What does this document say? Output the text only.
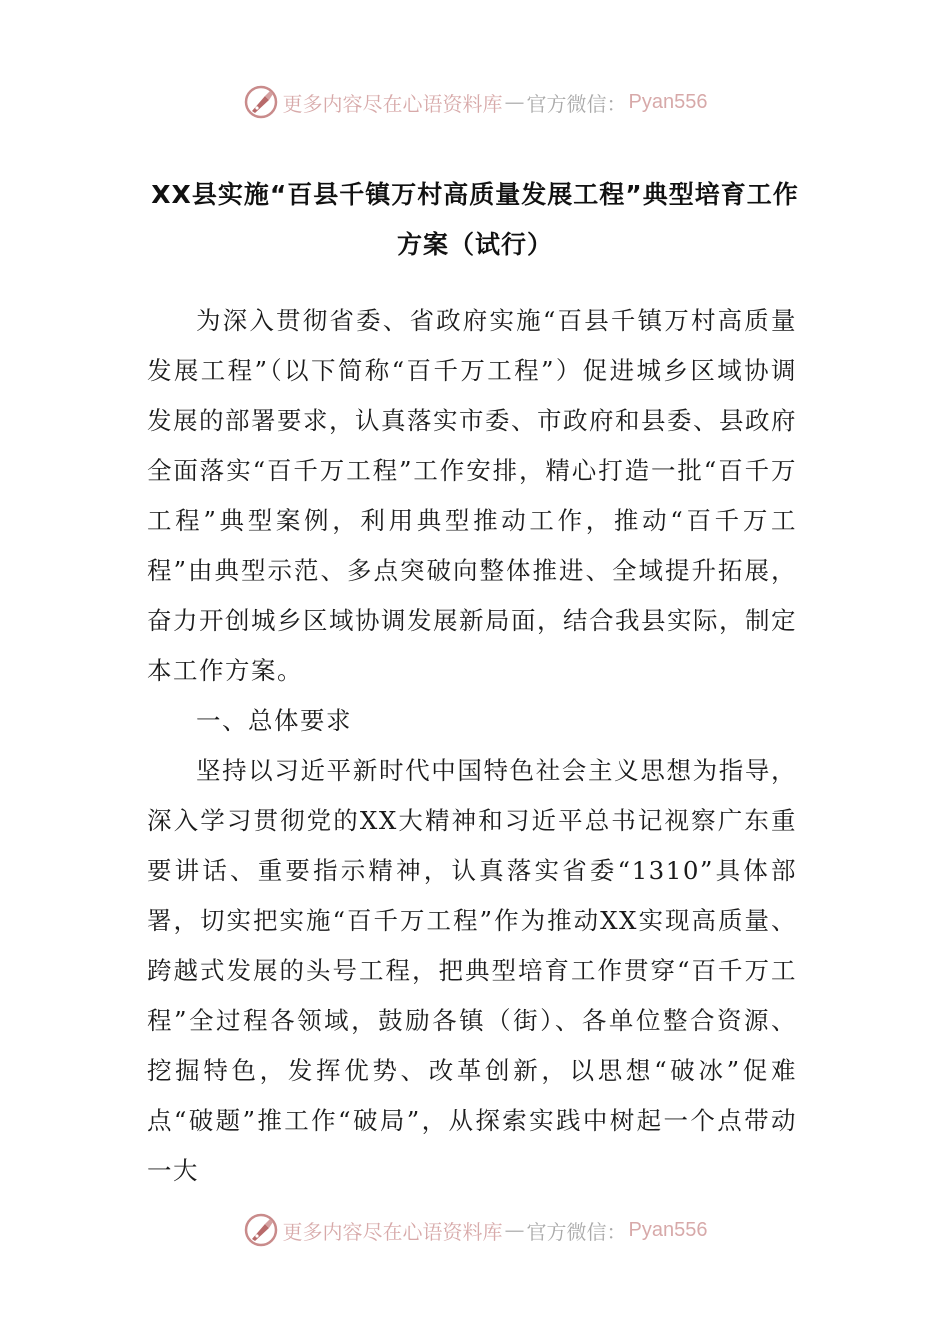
更多内容尽在心语资料库 — 官方微信： Pyan556
XX县实施“百县千镇万村高质量发展工程”典型培育工作
方案（试行）

为深入贯彻省委、省政府实施“百县千镇万村高质量发展工程”（以下简称“百千万工程”）促进城乡区域协调发展的部署要求，认真落实市委、市政府和县委、县政府全面落实“百千万工程”工作安排，精心打造一批“百千万工程”典型案例，利用典型推动工作，推动“百千万工程”由典型示范、多点突破向整体推进、全域提升拓展，奋力开创城乡区域协调发展新局面，结合我县实际，制定本工作方案。

一、总体要求

坚持以习近平新时代中国特色社会主义思想为指导，深入学习贯彻党的XX大精神和习近平总书记视察广东重要讲话、重要指示精神，认真落实省委“1310”具体部署，切实把实施“百千万工程”作为推动XX实现高质量、跨越式发展的头号工程，把典型培育工作贯穿“百千万工程”全过程各领域，鼓励各镇（街）、各单位整合资源、挖掘特色，发挥优势、改革创新，以思想“破冰”促难点“破题”推工作“破局”，从探索实践中树起一个点带动一大

更多内容尽在心语资料库 — 官方微信： Pyan556
